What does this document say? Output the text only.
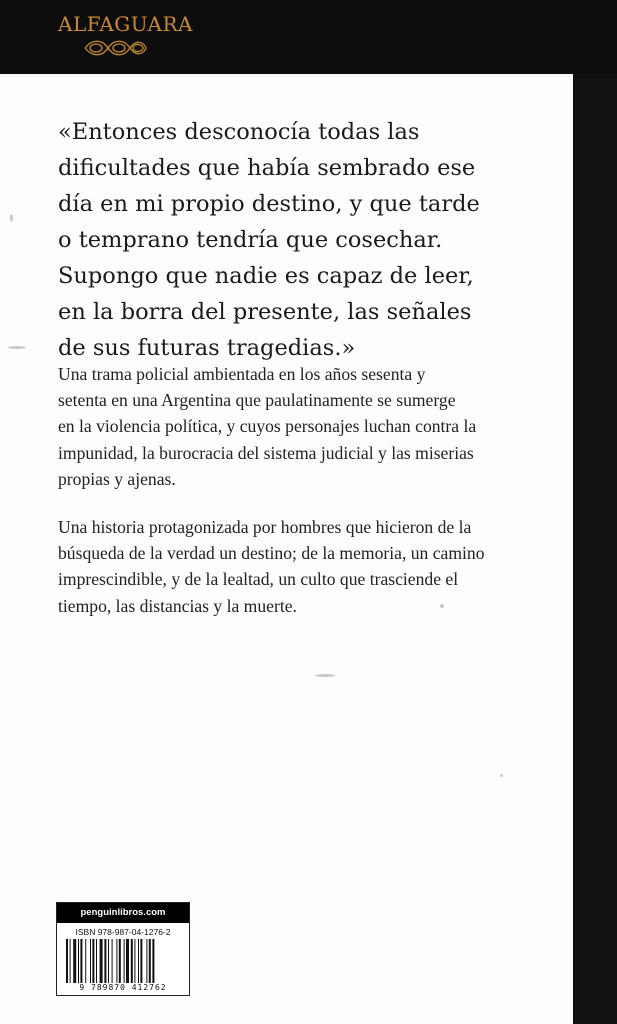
ALFAGUARA

«Entonces desconocía todas las
dificultades que había sembrado ese
día en mi propio destino, y que tarde
o temprano tendría que cosechar.
Supongo que nadie es capaz de leer,
en la borra del presente, las señales
de sus futuras tragedias.»

Una trama policial ambientada en los años sesenta y
setenta en una Argentina que paulatinamente se sumerge
en la violencia política, y cuyos personajes luchan contra la
impunidad, la burocracia del sistema judicial y las miserias
propias y ajenas.

Una historia protagonizada por hombres que hicieron de la
búsqueda de la verdad un destino; de la memoria, un camino
imprescindible, y de la lealtad, un culto que trasciende el
tiempo, las distancias y la muerte.

penguinlibros.com
ISBN 978-987-04-1276-2
9 789870 412762
